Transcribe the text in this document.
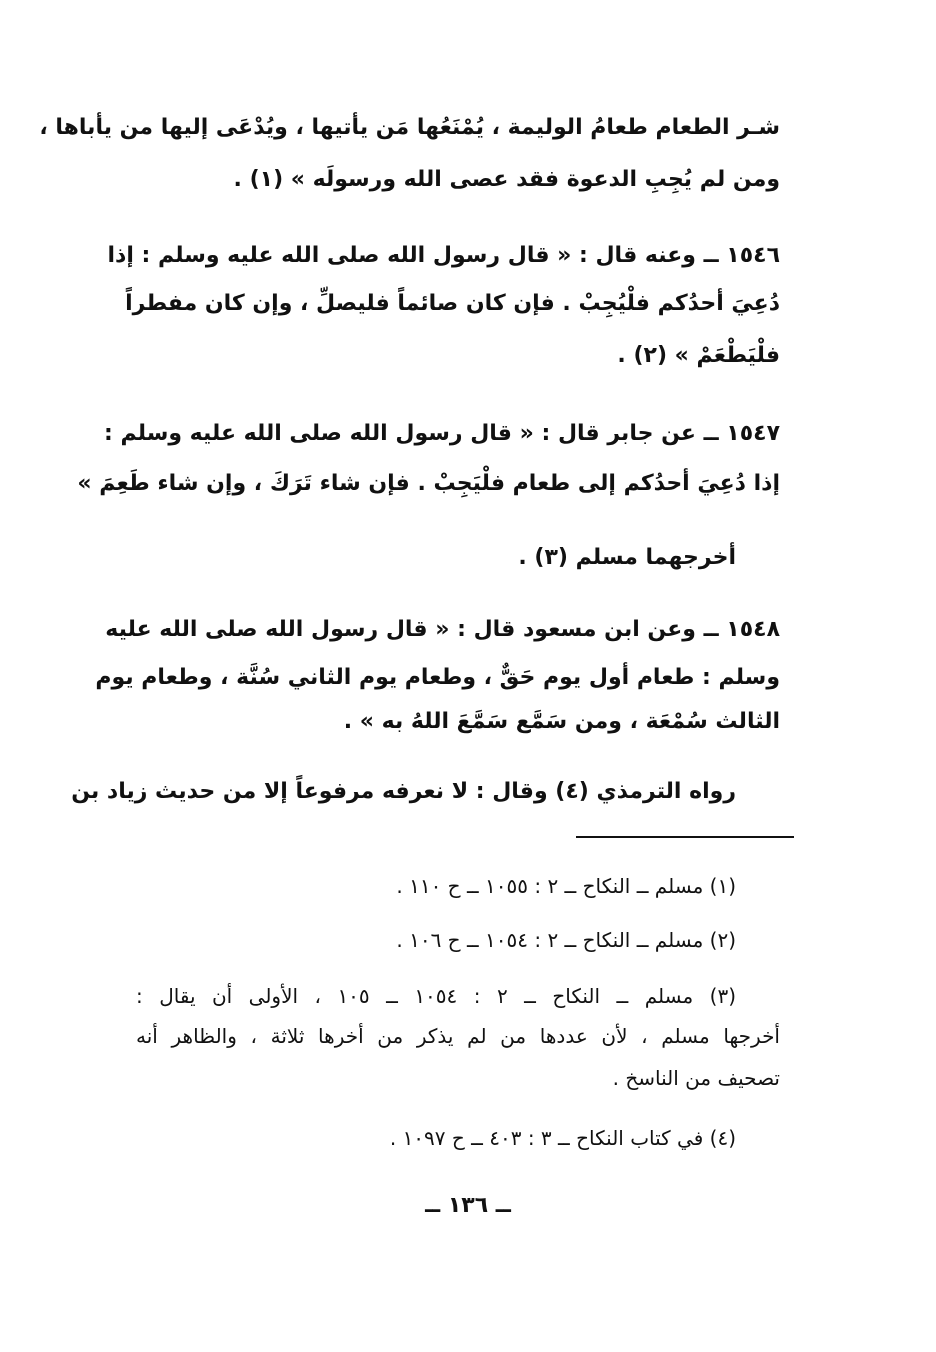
شـر الطعام طعامُ الوليمة ، يُمْنَعُها مَن يأتيها ، ويُدْعَى إليها من يأباها ،
ومن لم يُجِبِ الدعوة فقد عصى الله ورسولَه » (١) .
١٥٤٦ ــ وعنه قال : « قال رسول الله صلى الله عليه وسلم : إذا
دُعِيَ أحدُكم فلْيُجِبْ . فإن كان صائماً فليصلِّ ، وإن كان مفطراً
فلْيَطْعَمْ » (٢) .
١٥٤٧ ــ عن جابر قال : « قال رسول الله صلى الله عليه وسلم :
إذا دُعِيَ أحدُكم إلى طعام فلْيَجِبْ . فإن شاء تَرَكَ ، وإن شاء طَعِمَ »
أخرجهما مسلم (٣) .
١٥٤٨ ــ وعن ابن مسعود قال : « قال رسول الله صلى الله عليه
وسلم : طعام أول يوم حَقٌّ ، وطعام يوم الثاني سُنَّة ، وطعام يوم
الثالث سُمْعَة ، ومن سَمَّع سَمَّعَ اللهُ به » .
رواه الترمذي (٤) وقال : لا نعرفه مرفوعاً إلا من حديث زياد بن
(١) مسلم ــ النكاح ــ ٢ : ١٠٥٥ ــ ح ١١٠ .
(٢) مسلم ــ النكاح ــ ٢ : ١٠٥٤ ــ ح ١٠٦ .
(٣) مسلم ــ النكاح ــ ٢ : ١٠٥٤ ــ ١٠٥ ، الأولى أن يقال :
أخرجها مسلم ، لأن عددها من لم يذكر من أخرها ثلاثة ، والظاهر أنه
تصحيف من الناسخ .
(٤) في كتاب النكاح ــ ٣ : ٤٠٣ ــ ح ١٠٩٧ .
ــ ١٣٦ ــ
